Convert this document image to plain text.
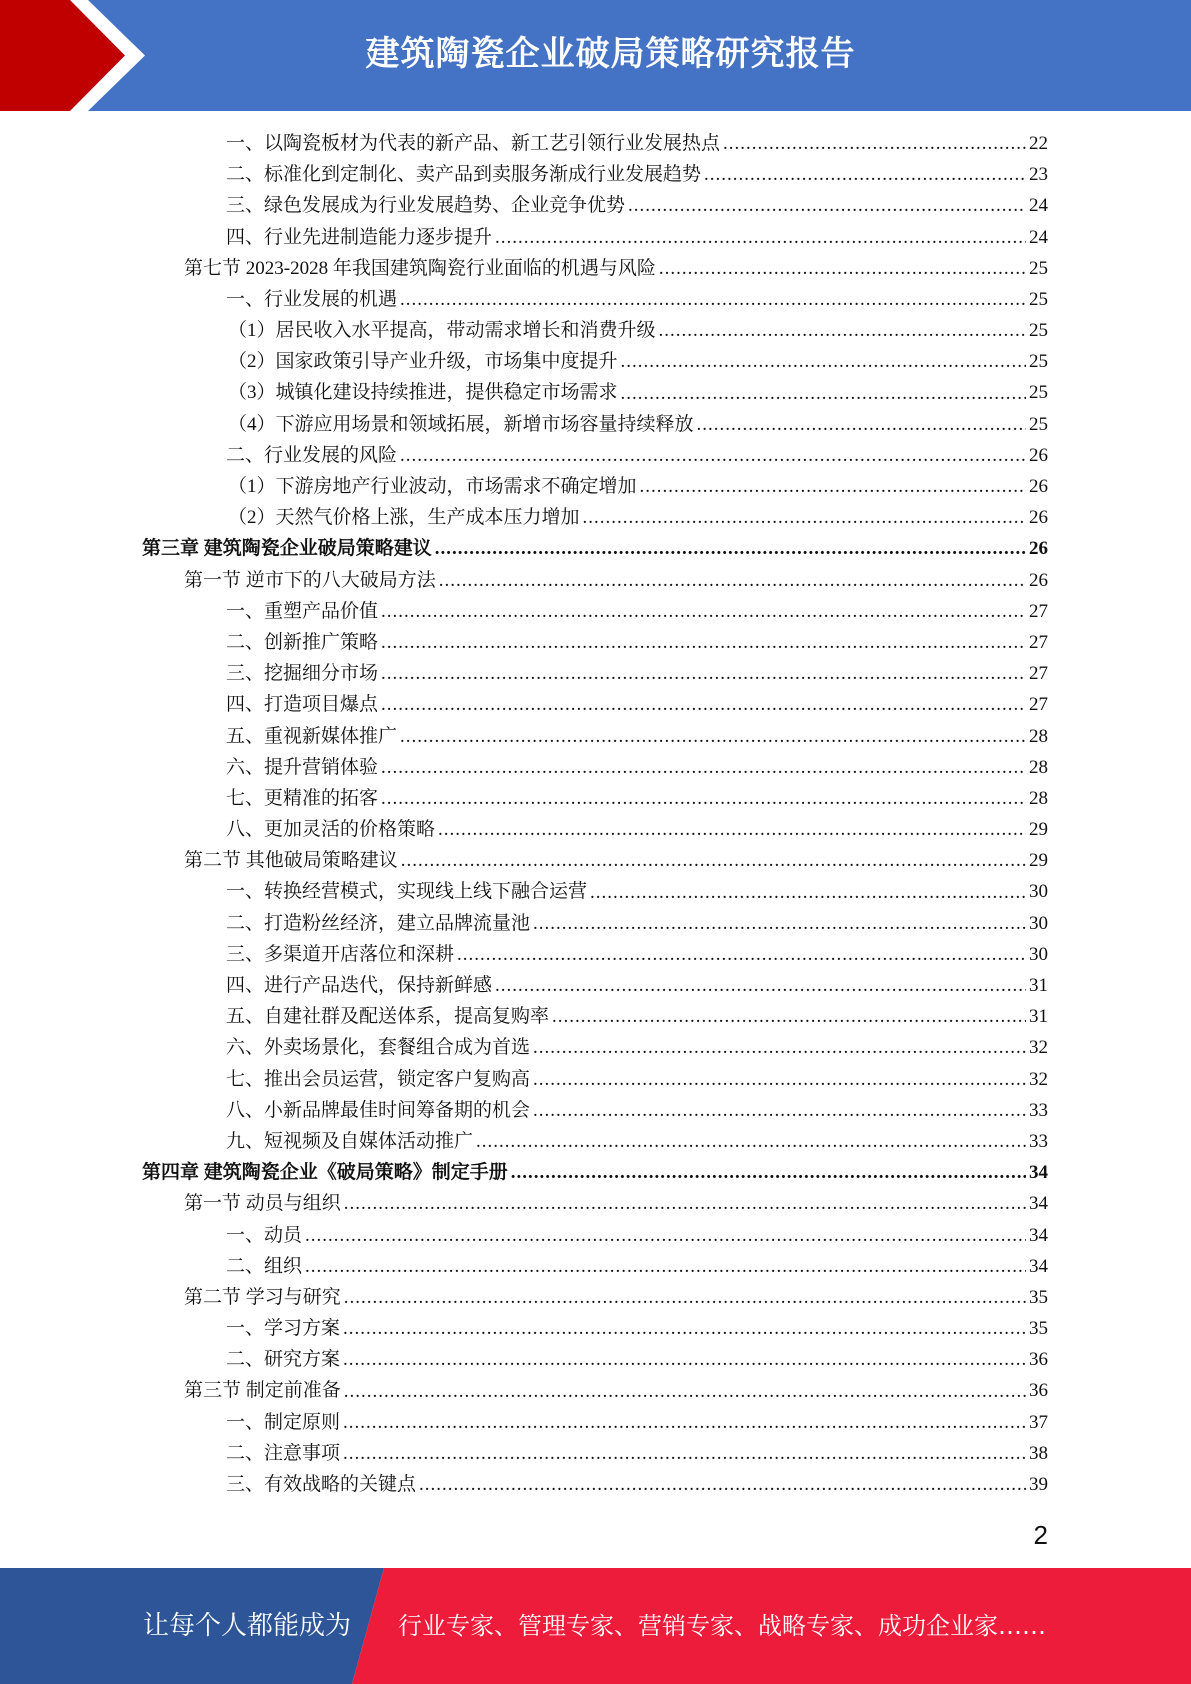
建筑陶瓷企业破局策略研究报告
一、以陶瓷板材为代表的新产品、新工艺引领行业发展热点 .....	22
二、标准化到定制化、卖产品到卖服务渐成行业发展趋势 .....	23
三、绿色发展成为行业发展趋势、企业竞争优势 .....	24
四、行业先进制造能力逐步提升 .....	24
第七节 2023-2028 年我国建筑陶瓷行业面临的机遇与风险 .....	25
一、行业发展的机遇 .....	25
（1）居民收入水平提高，带动需求增长和消费升级 .....	25
（2）国家政策引导产业升级，市场集中度提升 .....	25
（3）城镇化建设持续推进，提供稳定市场需求 .....	25
（4）下游应用场景和领域拓展，新增市场容量持续释放 .....	25
二、行业发展的风险 .....	26
（1）下游房地产行业波动，市场需求不确定增加 .....	26
（2）天然气价格上涨，生产成本压力增加 .....	26
第三章 建筑陶瓷企业破局策略建议 .....	26
第一节 逆市下的八大破局方法 .....	26
一、重塑产品价值 .....	27
二、创新推广策略 .....	27
三、挖掘细分市场 .....	27
四、打造项目爆点 .....	27
五、重视新媒体推广 .....	28
六、提升营销体验 .....	28
七、更精准的拓客 .....	28
八、更加灵活的价格策略 .....	29
第二节 其他破局策略建议 .....	29
一、转换经营模式，实现线上线下融合运营 .....	30
二、打造粉丝经济，建立品牌流量池 .....	30
三、多渠道开店落位和深耕 .....	30
四、进行产品迭代，保持新鲜感 .....	31
五、自建社群及配送体系，提高复购率 .....	31
六、外卖场景化，套餐组合成为首选 .....	32
七、推出会员运营，锁定客户复购高 .....	32
八、小新品牌最佳时间筹备期的机会 .....	33
九、短视频及自媒体活动推广 .....	33
第四章 建筑陶瓷企业《破局策略》制定手册 .....	34
第一节 动员与组织 .....	34
一、动员 .....	34
二、组织 .....	34
第二节 学习与研究 .....	35
一、学习方案 .....	35
二、研究方案 .....	36
第三节 制定前准备 .....	36
一、制定原则 .....	37
二、注意事项 .....	38
三、有效战略的关键点 .....	39
2
让每个人都能成为 行业专家、管理专家、营销专家、战略专家、成功企业家……
